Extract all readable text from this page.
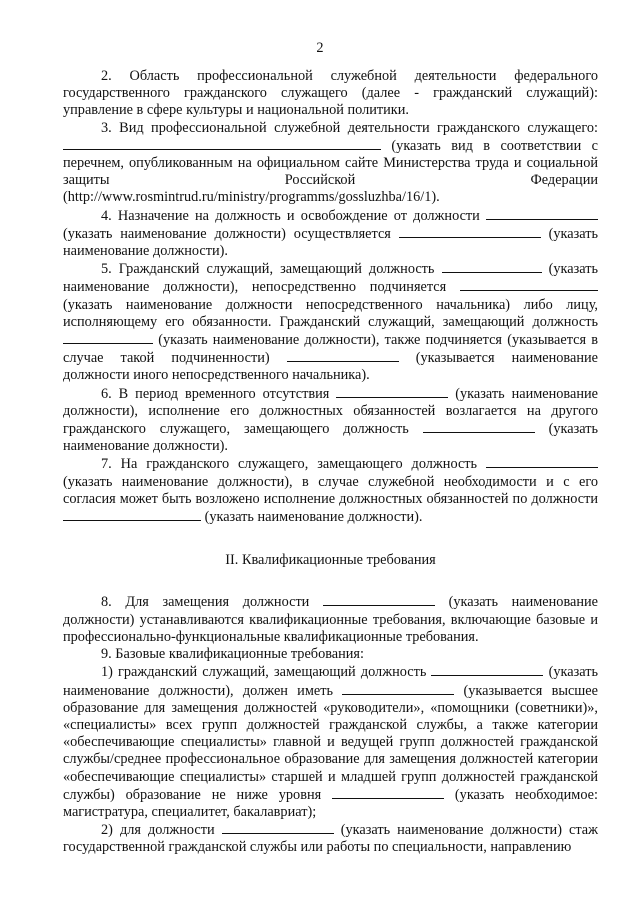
2

2. Область профессиональной служебной деятельности федерального государственного гражданского служащего (далее - гражданский служащий): управление в сфере культуры и национальной политики.

3. Вид профессиональной служебной деятельности гражданского служащего:  (указать вид в соответствии с перечнем, опубликованным на официальном сайте Министерства труда и социальной защиты Российской Федерации (http://www.rosmintrud.ru/ministry/programms/gossluzhba/16/1).

4. Назначение на должность и освобождение от должности  (указать наименование должности) осуществляется	(указать наименование должности).

5. Гражданский служащий, замещающий должность	(указать наименование должности), непосредственно подчиняется  (указать наименование должности непосредственного начальника) либо лицу, исполняющему его обязанности. Гражданский служащий, замещающий должность  (указать наименование должности), также подчиняется (указывается в случае такой подчиненности)	(указывается наименование должности иного непосредственного начальника).

6. В период временного отсутствия	(указать наименование должности), исполнение его должностных обязанностей возлагается на другого гражданского служащего, замещающего должность	(указать наименование должности).

7. На гражданского служащего, замещающего должность  (указать наименование должности), в случае служебной необходимости и с его согласия может быть возложено исполнение должностных обязанностей по должности  (указать наименование должности).

II. Квалификационные требования

8. Для замещения должности	(указать наименование должности) устанавливаются квалификационные требования, включающие базовые и профессионально-функциональные квалификационные требования.

9. Базовые квалификационные требования:

1) гражданский служащий, замещающий должность	(указать наименование должности), должен иметь	(указывается высшее образование для замещения должностей «руководители», «помощники (советники)», «специалисты» всех групп должностей гражданской службы, а также категории «обеспечивающие специалисты» главной и ведущей групп должностей гражданской службы/среднее профессиональное образование для замещения должностей категории «обеспечивающие специалисты» старшей и младшей групп должностей гражданской службы) образование не ниже уровня	(указать необходимое: магистратура, специалитет, бакалавриат);

2) для должности	(указать наименование должности) стаж государственной гражданской службы или работы по специальности, направлению
